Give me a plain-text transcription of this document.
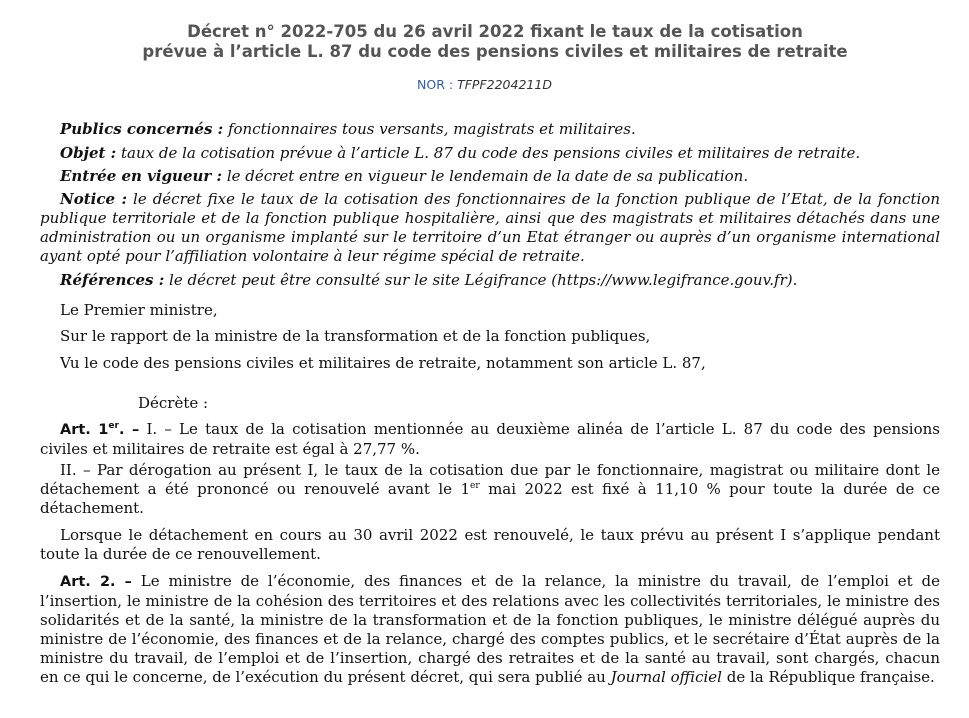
Décret n° 2022-705 du 26 avril 2022 fixant le taux de la cotisation

prévue à l’article L. 87 du code des pensions civiles et militaires de retraite

NOR : TFPF2204211D

Publics concernés : fonctionnaires tous versants, magistrats et militaires.

Objet : taux de la cotisation prévue à l’article L. 87 du code des pensions civiles et militaires de retraite.

Entrée en vigueur : le décret entre en vigueur le lendemain de la date de sa publication.

Notice : le décret fixe le taux de la cotisation des fonctionnaires de la fonction publique de l’Etat, de la fonction publique territoriale et de la fonction publique hospitalière, ainsi que des magistrats et militaires détachés dans une administration ou un organisme implanté sur le territoire d’un Etat étranger ou auprès d’un organisme international ayant opté pour l’affiliation volontaire à leur régime spécial de retraite.

Références : le décret peut être consulté sur le site Légifrance (https://www.legifrance.gouv.fr).

Le Premier ministre,

Sur le rapport de la ministre de la transformation et de la fonction publiques,

Vu le code des pensions civiles et militaires de retraite, notamment son article L. 87,

Décrète :

Art. 1er. – I. – Le taux de la cotisation mentionnée au deuxième alinéa de l’article L. 87 du code des pensions civiles et militaires de retraite est égal à 27,77 %.

II. – Par dérogation au présent I, le taux de la cotisation due par le fonctionnaire, magistrat ou militaire dont le détachement a été prononcé ou renouvelé avant le 1er mai 2022 est fixé à 11,10 % pour toute la durée de ce détachement.

Lorsque le détachement en cours au 30 avril 2022 est renouvelé, le taux prévu au présent I s’applique pendant toute la durée de ce renouvellement.

Art. 2. – Le ministre de l’économie, des finances et de la relance, la ministre du travail, de l’emploi et de l’insertion, le ministre de la cohésion des territoires et des relations avec les collectivités territoriales, le ministre des solidarités et de la santé, la ministre de la transformation et de la fonction publiques, le ministre délégué auprès du ministre de l’économie, des finances et de la relance, chargé des comptes publics, et le secrétaire d’État auprès de la ministre du travail, de l’emploi et de l’insertion, chargé des retraites et de la santé au travail, sont chargés, chacun en ce qui le concerne, de l’exécution du présent décret, qui sera publié au Journal officiel de la République française.
